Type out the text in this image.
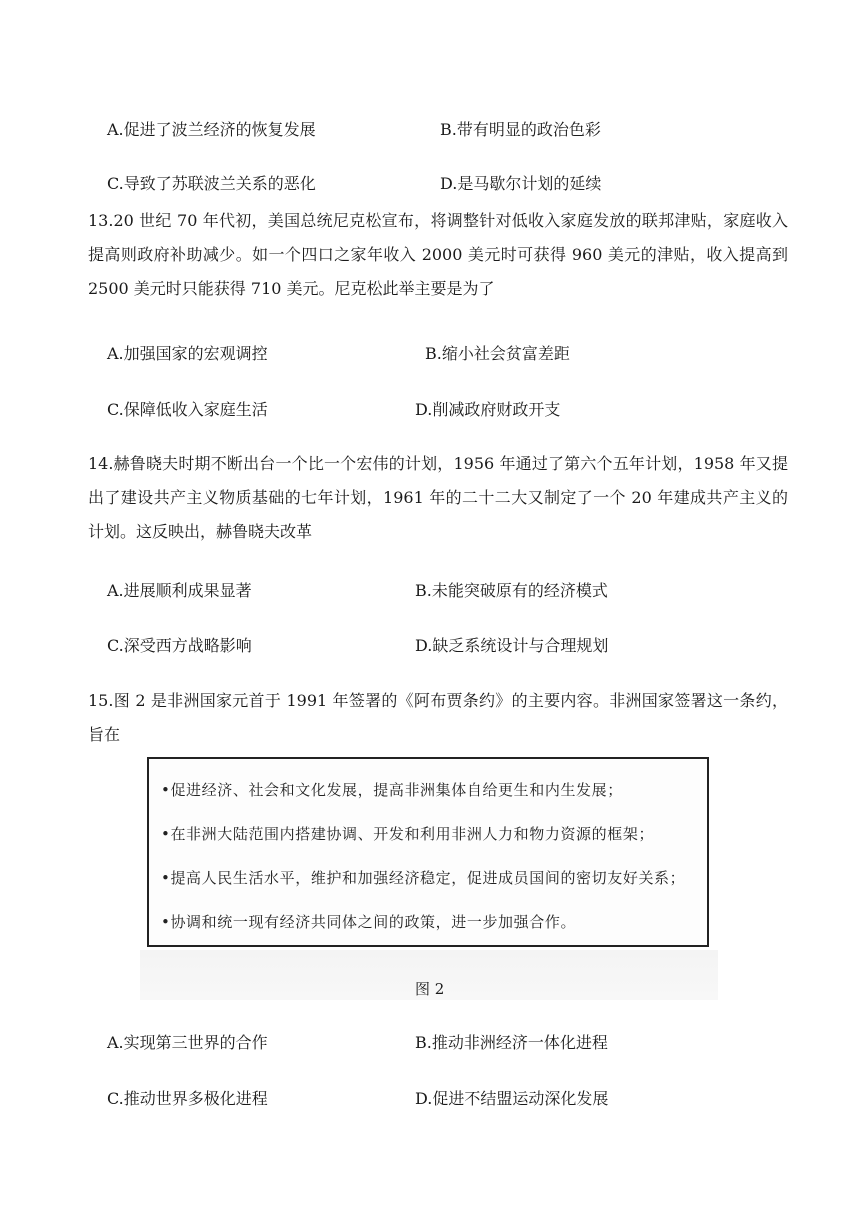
A.促进了波兰经济的恢复发展	B.带有明显的政治色彩
C.导致了苏联波兰关系的恶化	D.是马歇尔计划的延续
13.20 世纪 70 年代初，美国总统尼克松宣布，将调整针对低收入家庭发放的联邦津贴，家庭收入提高则政府补助减少。如一个四口之家年收入 2000 美元时可获得 960 美元的津贴，收入提高到 2500 美元时只能获得 710 美元。尼克松此举主要是为了
A.加强国家的宏观调控	B.缩小社会贫富差距
C.保障低收入家庭生活	D.削减政府财政开支
14.赫鲁晓夫时期不断出台一个比一个宏伟的计划，1956 年通过了第六个五年计划，1958 年又提出了建设共产主义物质基础的七年计划，1961 年的二十二大又制定了一个 20 年建成共产主义的计划。这反映出，赫鲁晓夫改革
A.进展顺利成果显著	B.未能突破原有的经济模式
C.深受西方战略影响	D.缺乏系统设计与合理规划
15.图 2 是非洲国家元首于 1991 年签署的《阿布贾条约》的主要内容。非洲国家签署这一条约，旨在
•促进经济、社会和文化发展，提高非洲集体自给更生和内生发展；
•在非洲大陆范围内搭建协调、开发和利用非洲人力和物力资源的框架；
•提高人民生活水平，维护和加强经济稳定，促进成员国间的密切友好关系；
•协调和统一现有经济共同体之间的政策，进一步加强合作。
图 2
A.实现第三世界的合作	B.推动非洲经济一体化进程
C.推动世界多极化进程	D.促进不结盟运动深化发展
